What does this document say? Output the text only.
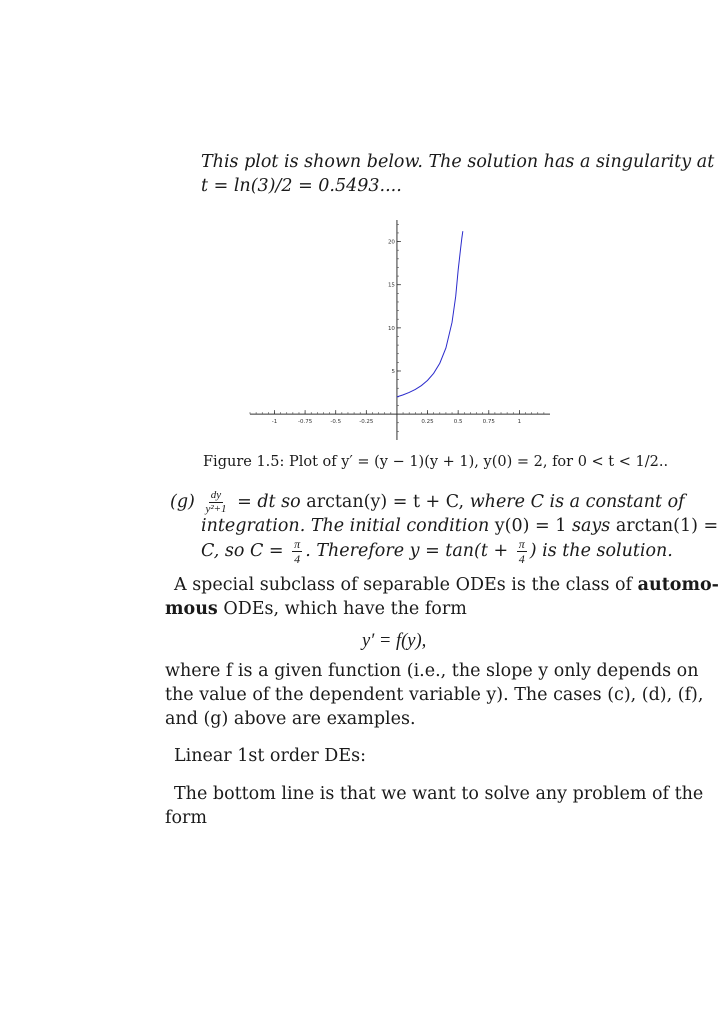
This plot is shown below. The solution has a singularity at
t = ln(3)/2 = 0.5493....
-1	-0.75	-0.5	-0.25	0.25	0.5	0.75	1
5
10
15
20
Figure 1.5: Plot of y′ = (y − 1)(y + 1), y(0) = 2, for 0 < t < 1/2..
$(g) \frac{dy}{\text{y²+1}}$ = dt so arctan(y) = t + C, where C is a constant of
integration. The initial condition y(0) = 1 says arctan(1) =
C, so $C = \frac{\pi}{4}$ . Therefore $y = \tan(t + \frac{\pi}{4}$ ) is the solution.
A special subclass of separable ODEs is the class of automo-
mous ODEs, which have the form
y′ = f(y),
where f is a given function (i.e., the slope y only depends on
the value of the dependent variable y). The cases (c), (d), (f),
and (g) above are examples.
Linear 1st order DEs:
The bottom line is that we want to solve any problem of the
form
